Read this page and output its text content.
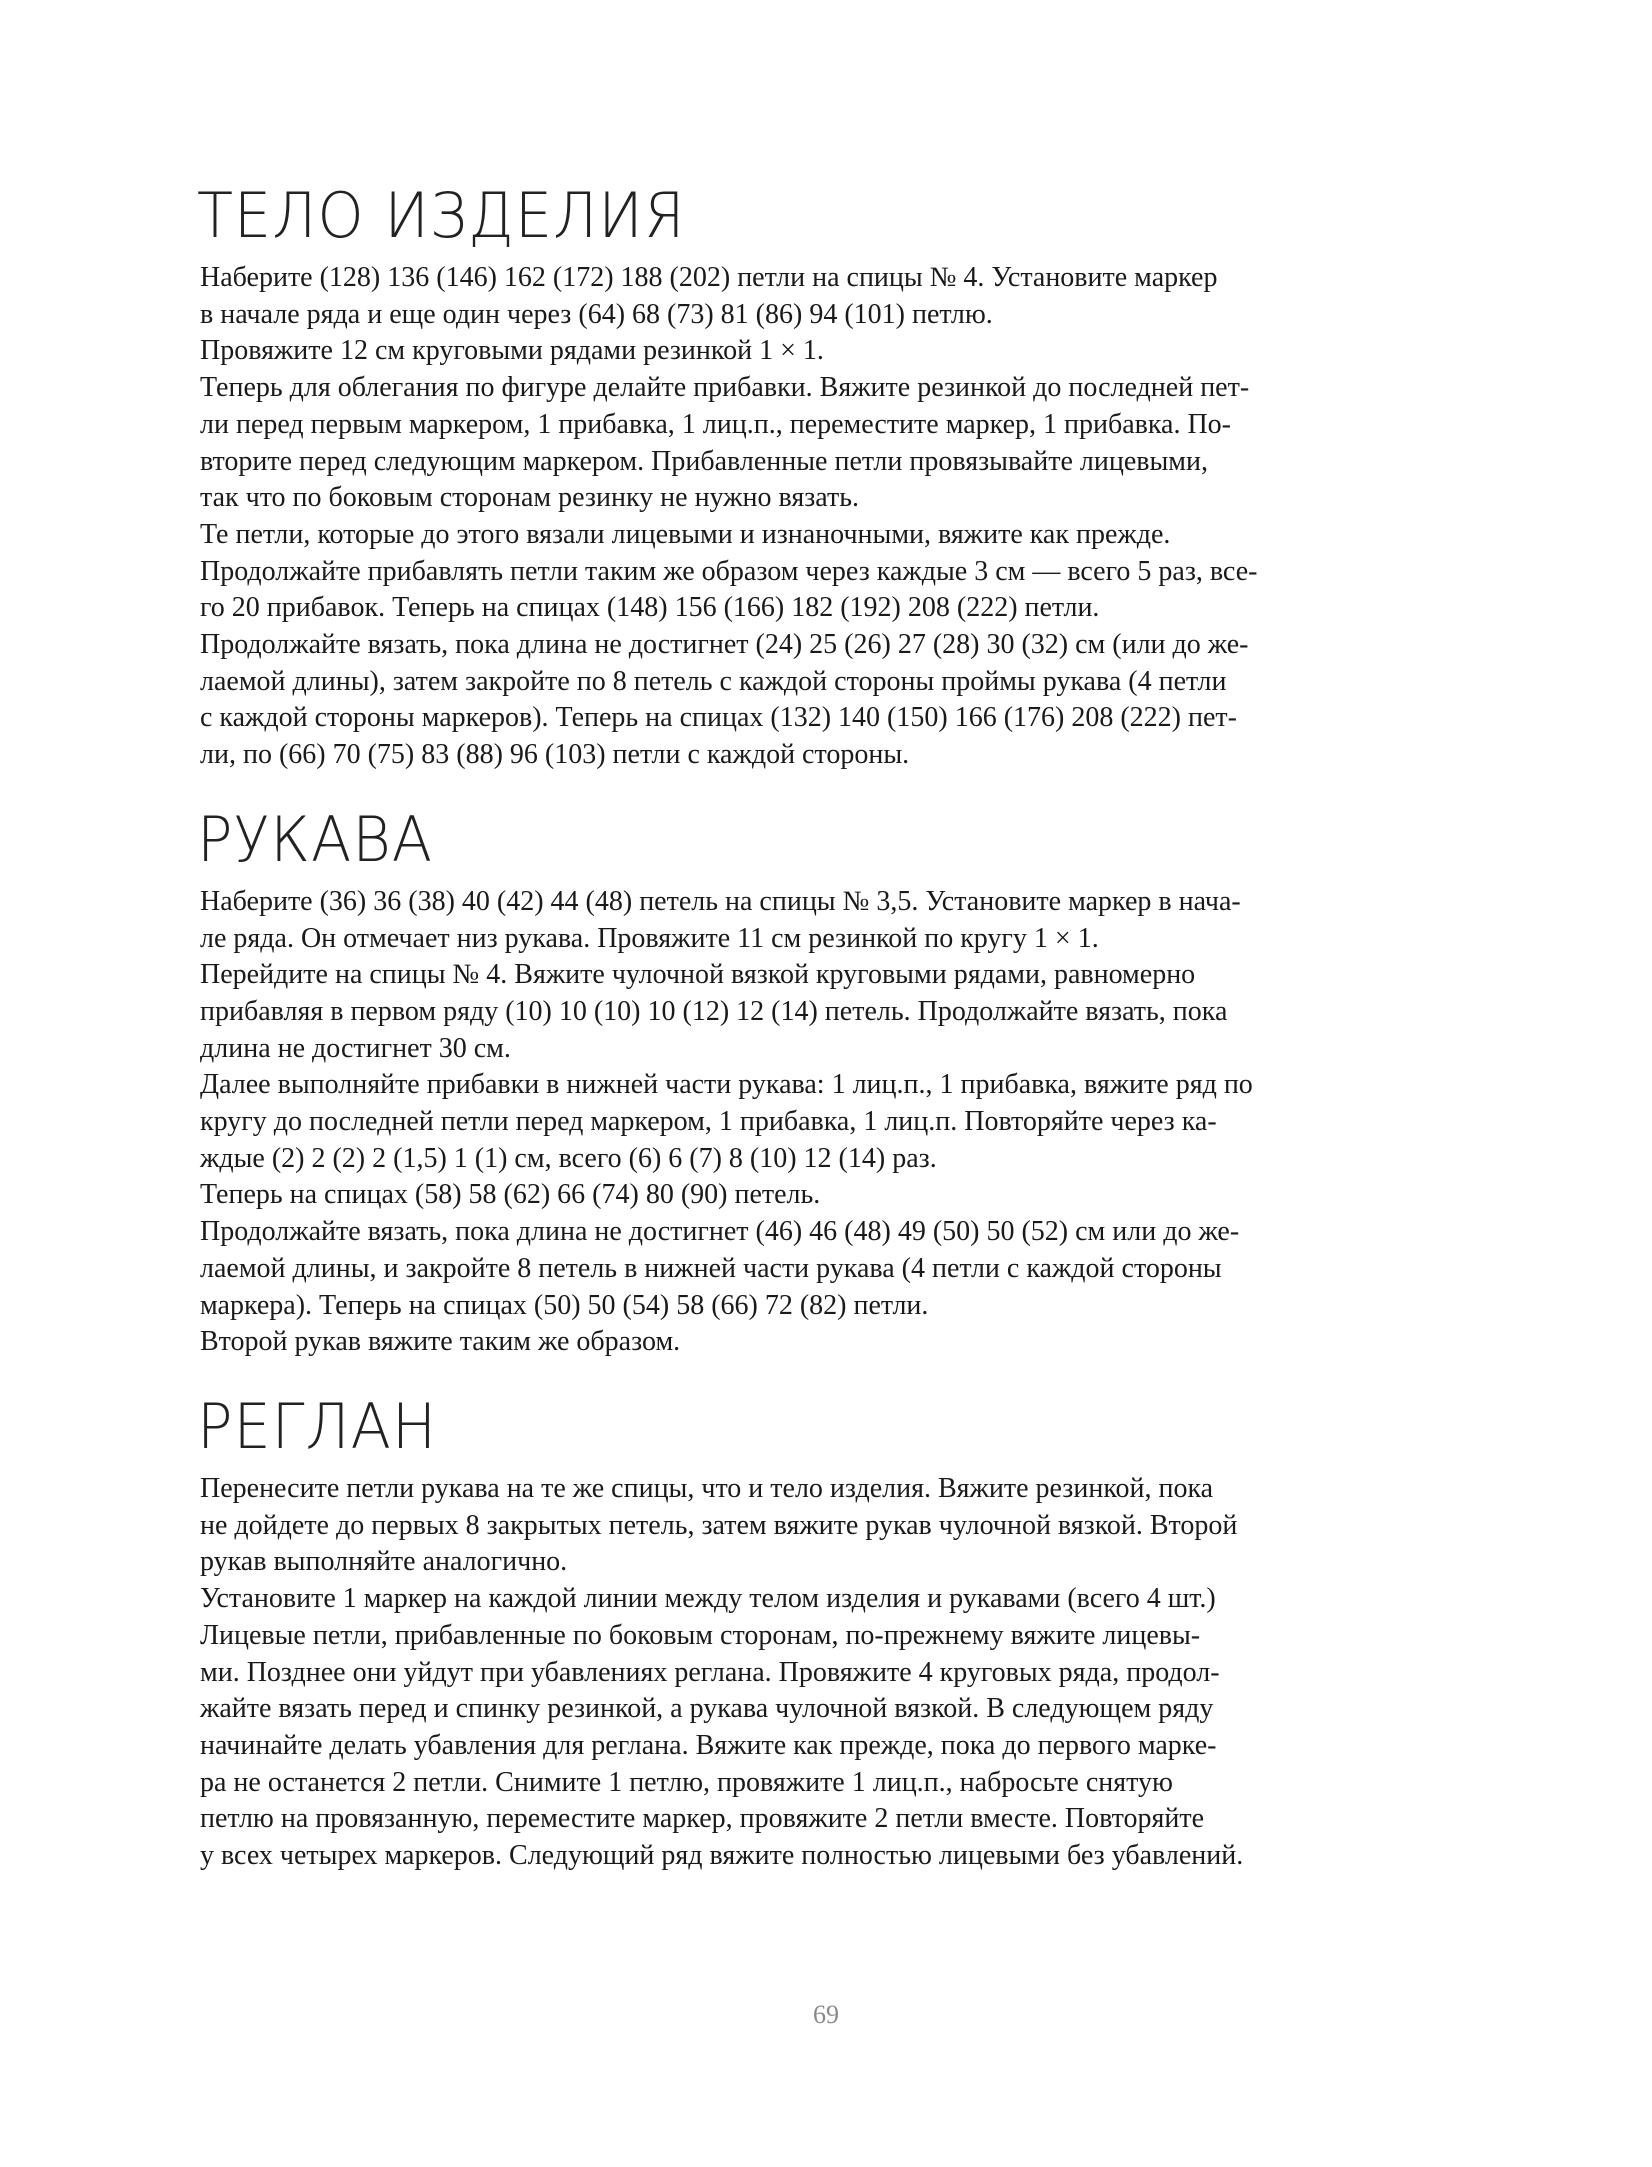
ТЕЛО ИЗДЕЛИЯ

Наберите (128) 136 (146) 162 (172) 188 (202) петли на спицы № 4. Установите маркер
в начале ряда и еще один через (64) 68 (73) 81 (86) 94 (101) петлю.

Провяжите 12 см круговыми рядами резинкой 1 × 1.

Теперь для облегания по фигуре делайте прибавки. Вяжите резинкой до последней пет-
ли перед первым маркером, 1 прибавка, 1 лиц.п., переместите маркер, 1 прибавка. По-
вторите перед следующим маркером. Прибавленные петли провязывайте лицевыми,
так что по боковым сторонам резинку не нужно вязать.

Те петли, которые до этого вязали лицевыми и изнаночными, вяжите как прежде.

Продолжайте прибавлять петли таким же образом через каждые 3 см — всего 5 раз, все-
го 20 прибавок. Теперь на спицах (148) 156 (166) 182 (192) 208 (222) петли.

Продолжайте вязать, пока длина не достигнет (24) 25 (26) 27 (28) 30 (32) см (или до же-
лаемой длины), затем закройте по 8 петель с каждой стороны проймы рукава (4 петли
с каждой стороны маркеров). Теперь на спицах (132) 140 (150) 166 (176) 208 (222) пет-
ли, по (66) 70 (75) 83 (88) 96 (103) петли с каждой стороны.

РУКАВА

Наберите (36) 36 (38) 40 (42) 44 (48) петель на спицы № 3,5. Установите маркер в нача-
ле ряда. Он отмечает низ рукава. Провяжите 11 см резинкой по кругу 1 × 1.

Перейдите на спицы № 4. Вяжите чулочной вязкой круговыми рядами, равномерно
прибавляя в первом ряду (10) 10 (10) 10 (12) 12 (14) петель. Продолжайте вязать, пока
длина не достигнет 30 см.

Далее выполняйте прибавки в нижней части рукава: 1 лиц.п., 1 прибавка, вяжите ряд по
кругу до последней петли перед маркером, 1 прибавка, 1 лиц.п. Повторяйте через ка-
ждые (2) 2 (2) 2 (1,5) 1 (1) см, всего (6) 6 (7) 8 (10) 12 (14) раз.

Теперь на спицах (58) 58 (62) 66 (74) 80 (90) петель.

Продолжайте вязать, пока длина не достигнет (46) 46 (48) 49 (50) 50 (52) см или до же-
лаемой длины, и закройте 8 петель в нижней части рукава (4 петли с каждой стороны
маркера). Теперь на спицах (50) 50 (54) 58 (66) 72 (82) петли.

Второй рукав вяжите таким же образом.

РЕГЛАН

Перенесите петли рукава на те же спицы, что и тело изделия. Вяжите резинкой, пока
не дойдете до первых 8 закрытых петель, затем вяжите рукав чулочной вязкой. Второй
рукав выполняйте аналогично.

Установите 1 маркер на каждой линии между телом изделия и рукавами (всего 4 шт.)
Лицевые петли, прибавленные по боковым сторонам, по-прежнему вяжите лицевы-
ми. Позднее они уйдут при убавлениях реглана. Провяжите 4 круговых ряда, продол-
жайте вязать перед и спинку резинкой, а рукава чулочной вязкой. В следующем ряду
начинайте делать убавления для реглана. Вяжите как прежде, пока до первого марке-
ра не останется 2 петли. Снимите 1 петлю, провяжите 1 лиц.п., набросьте снятую
петлю на провязанную, переместите маркер, провяжите 2 петли вместе. Повторяйте
у всех четырех маркеров. Следующий ряд вяжите полностью лицевыми без убавлений.

69
